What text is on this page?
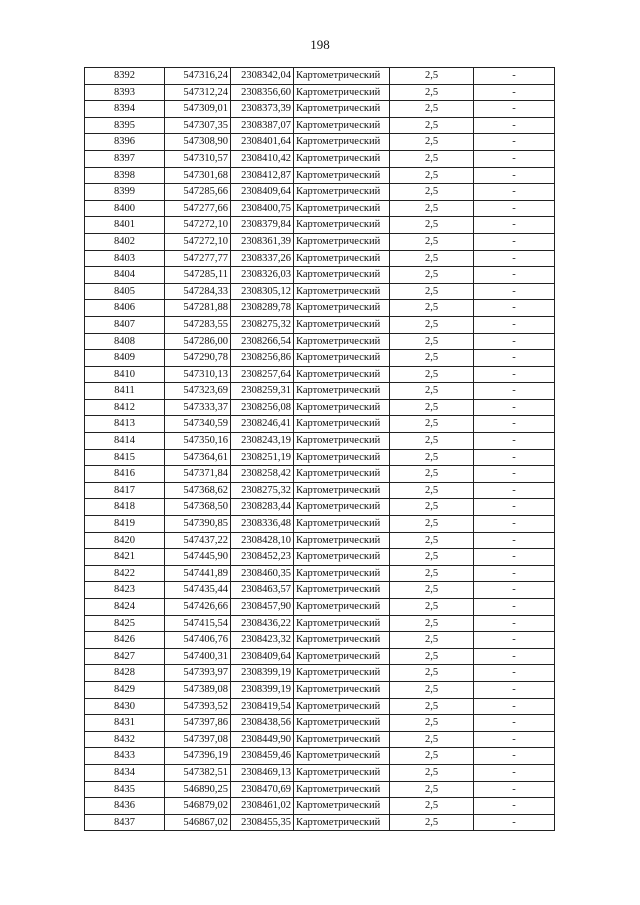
198
8392	547316,24	2308342,04	Картометрический	2,5	-
8393	547312,24	2308356,60	Картометрический	2,5	-
8394	547309,01	2308373,39	Картометрический	2,5	-
8395	547307,35	2308387,07	Картометрический	2,5	-
8396	547308,90	2308401,64	Картометрический	2,5	-
8397	547310,57	2308410,42	Картометрический	2,5	-
8398	547301,68	2308412,87	Картометрический	2,5	-
8399	547285,66	2308409,64	Картометрический	2,5	-
8400	547277,66	2308400,75	Картометрический	2,5	-
8401	547272,10	2308379,84	Картометрический	2,5	-
8402	547272,10	2308361,39	Картометрический	2,5	-
8403	547277,77	2308337,26	Картометрический	2,5	-
8404	547285,11	2308326,03	Картометрический	2,5	-
8405	547284,33	2308305,12	Картометрический	2,5	-
8406	547281,88	2308289,78	Картометрический	2,5	-
8407	547283,55	2308275,32	Картометрический	2,5	-
8408	547286,00	2308266,54	Картометрический	2,5	-
8409	547290,78	2308256,86	Картометрический	2,5	-
8410	547310,13	2308257,64	Картометрический	2,5	-
8411	547323,69	2308259,31	Картометрический	2,5	-
8412	547333,37	2308256,08	Картометрический	2,5	-
8413	547340,59	2308246,41	Картометрический	2,5	-
8414	547350,16	2308243,19	Картометрический	2,5	-
8415	547364,61	2308251,19	Картометрический	2,5	-
8416	547371,84	2308258,42	Картометрический	2,5	-
8417	547368,62	2308275,32	Картометрический	2,5	-
8418	547368,50	2308283,44	Картометрический	2,5	-
8419	547390,85	2308336,48	Картометрический	2,5	-
8420	547437,22	2308428,10	Картометрический	2,5	-
8421	547445,90	2308452,23	Картометрический	2,5	-
8422	547441,89	2308460,35	Картометрический	2,5	-
8423	547435,44	2308463,57	Картометрический	2,5	-
8424	547426,66	2308457,90	Картометрический	2,5	-
8425	547415,54	2308436,22	Картометрический	2,5	-
8426	547406,76	2308423,32	Картометрический	2,5	-
8427	547400,31	2308409,64	Картометрический	2,5	-
8428	547393,97	2308399,19	Картометрический	2,5	-
8429	547389,08	2308399,19	Картометрический	2,5	-
8430	547393,52	2308419,54	Картометрический	2,5	-
8431	547397,86	2308438,56	Картометрический	2,5	-
8432	547397,08	2308449,90	Картометрический	2,5	-
8433	547396,19	2308459,46	Картометрический	2,5	-
8434	547382,51	2308469,13	Картометрический	2,5	-
8435	546890,25	2308470,69	Картометрический	2,5	-
8436	546879,02	2308461,02	Картометрический	2,5	-
8437	546867,02	2308455,35	Картометрический	2,5	-
